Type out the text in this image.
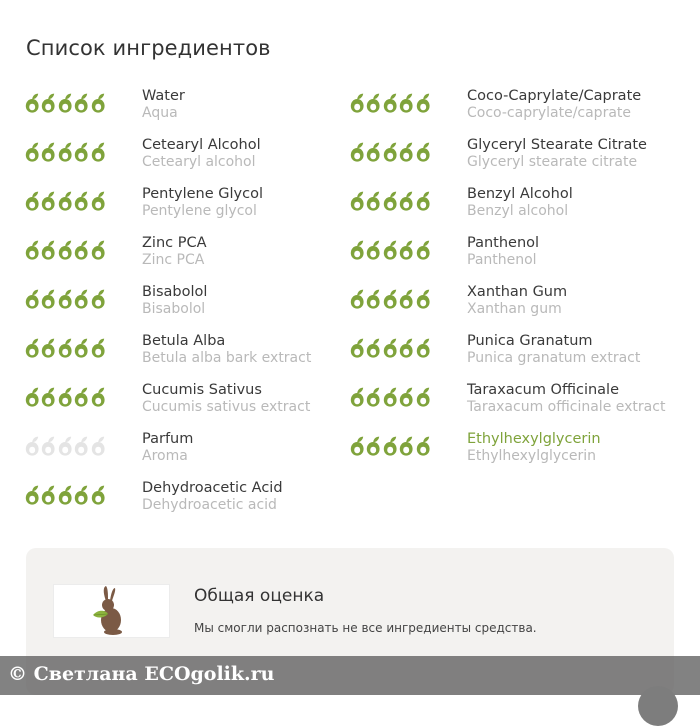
Список ингредиентов
Water
Aqua
Cetearyl Alcohol
Cetearyl alcohol
Pentylene Glycol
Pentylene glycol
Zinc PCA
Zinc PCA
Bisabolol
Bisabolol
Betula Alba
Betula alba bark extract
Cucumis Sativus
Cucumis sativus extract
Parfum
Aroma
Dehydroacetic Acid
Dehydroacetic acid
Coco-Caprylate/Caprate
Coco-caprylate/caprate
Glyceryl Stearate Citrate
Glyceryl stearate citrate
Benzyl Alcohol
Benzyl alcohol
Panthenol
Panthenol
Xanthan Gum
Xanthan gum
Punica Granatum
Punica granatum extract
Taraxacum Officinale
Taraxacum officinale extract
Ethylhexylglycerin
Ethylhexylglycerin
Общая оценка
Мы смогли распознать не все ингредиенты средства.
© Светлана ECOgolik.ru
